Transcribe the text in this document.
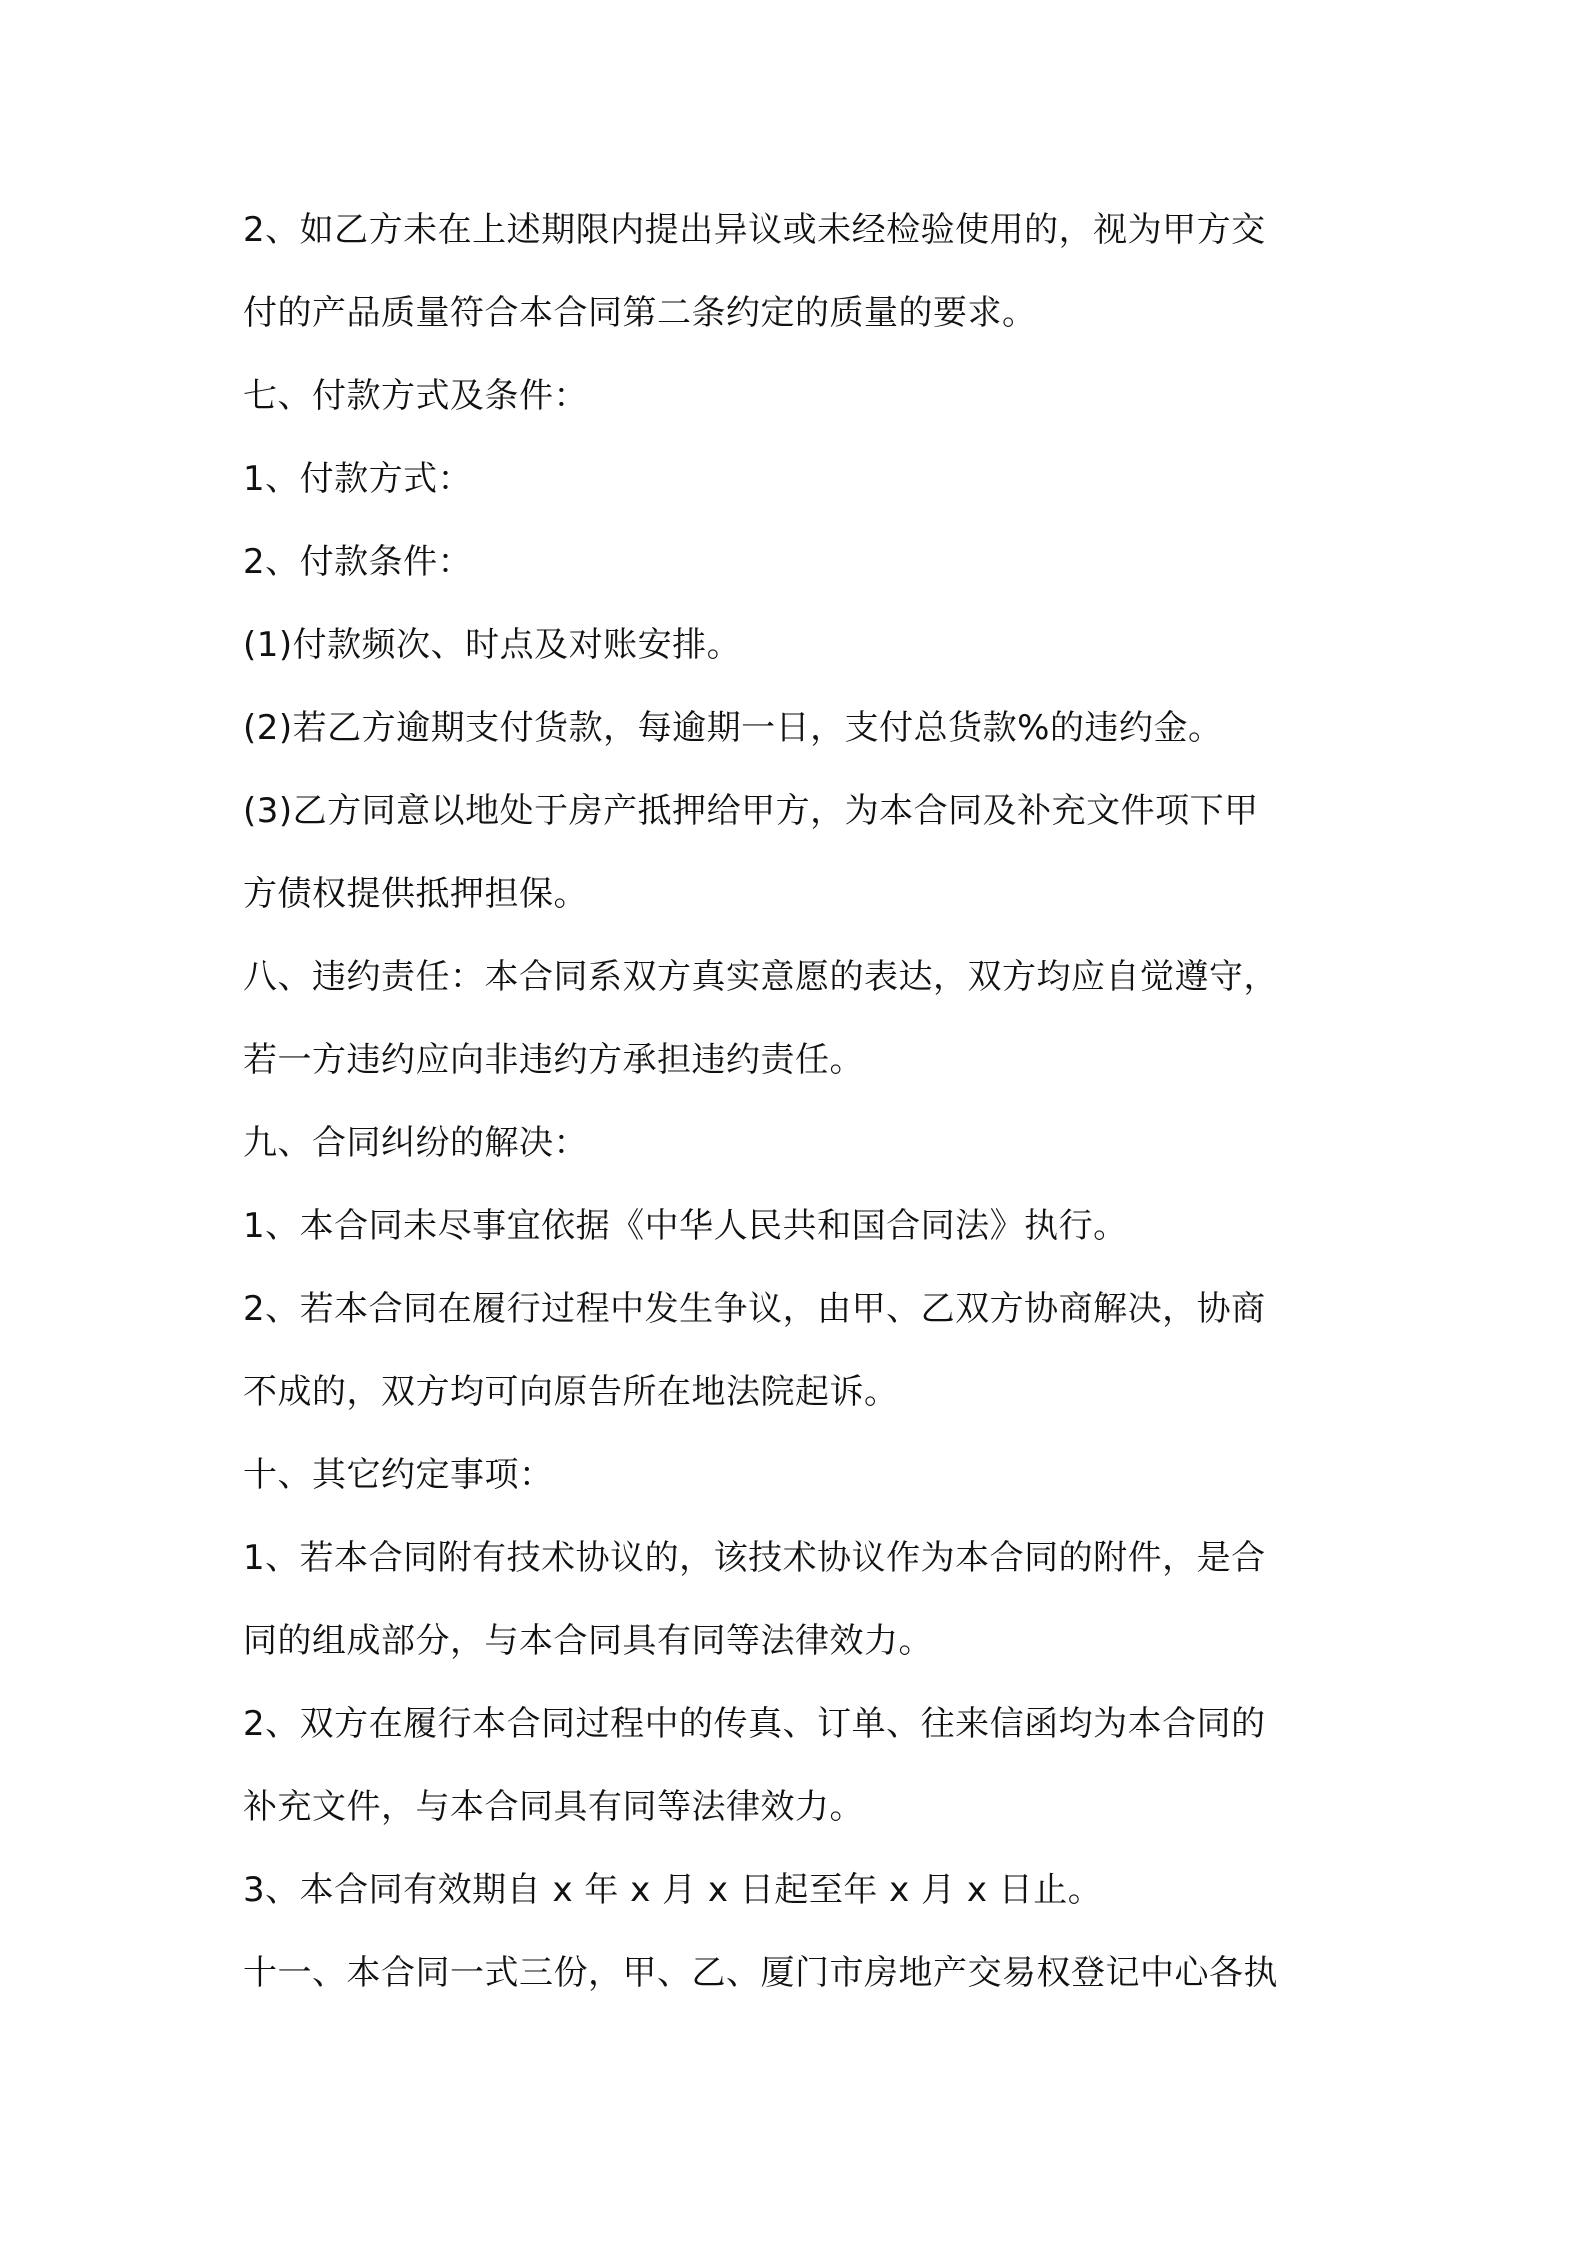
2、如乙方未在上述期限内提出异议或未经检验使用的，视为甲方交
付的产品质量符合本合同第二条约定的质量的要求。
七、付款方式及条件：
1、付款方式：
2、付款条件：
(1)付款频次、时点及对账安排。
(2)若乙方逾期支付货款，每逾期一日，支付总货款%的违约金。
(3)乙方同意以地处于房产抵押给甲方，为本合同及补充文件项下甲
方债权提供抵押担保。
八、违约责任：本合同系双方真实意愿的表达，双方均应自觉遵守，
若一方违约应向非违约方承担违约责任。
九、合同纠纷的解决：
1、本合同未尽事宜依据《中华人民共和国合同法》执行。
2、若本合同在履行过程中发生争议，由甲、乙双方协商解决，协商
不成的，双方均可向原告所在地法院起诉。
十、其它约定事项：
1、若本合同附有技术协议的，该技术协议作为本合同的附件，是合
同的组成部分，与本合同具有同等法律效力。
2、双方在履行本合同过程中的传真、订单、往来信函均为本合同的
补充文件，与本合同具有同等法律效力。
3、本合同有效期自 x 年 x 月 x 日起至年 x 月 x 日止。
十一、本合同一式三份，甲、乙、厦门市房地产交易权登记中心各执
